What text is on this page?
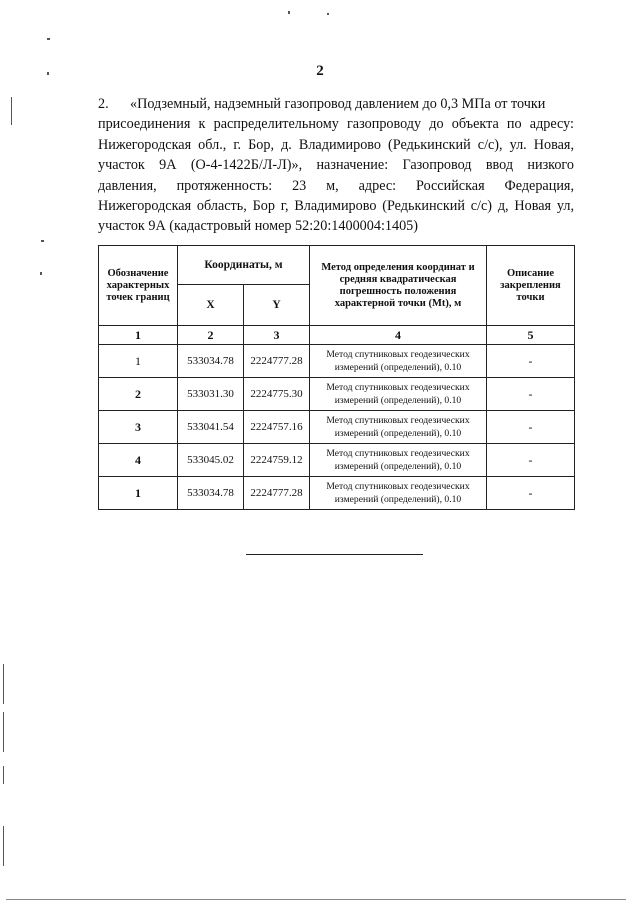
2
2. «Подземный, надземный газопровод давлением до 0,3 МПа от точки
присоединения к распределительному газопроводу до объекта по адресу:
Нижегородская обл., г. Бор, д. Владимирово (Редькинский с/с), ул. Новая,
участок 9А (О-4-1422Б/Л-Л)», назначение: Газопровод ввод низкого
давления, протяженность: 23 м, адрес: Российская Федерация,
Нижегородская область, Бор г, Владимирово (Редькинский с/с) д, Новая ул,
участок 9А (кадастровый номер 52:20:1400004:1405)
Обозначение характерных точек границ	Координаты, м		Метод определения координат и средняя квадратическая погрешность положения характерной точки (Mt), м	Описание закрепления точки
	X	Y		
1	2	3	4	5
1	533034.78	2224777.28	Метод спутниковых геодезических измерений (определений), 0.10	-
2	533031.30	2224775.30	Метод спутниковых геодезических измерений (определений), 0.10	-
3	533041.54	2224757.16	Метод спутниковых геодезических измерений (определений), 0.10	-
4	533045.02	2224759.12	Метод спутниковых геодезических измерений (определений), 0.10	-
1	533034.78	2224777.28	Метод спутниковых геодезических измерений (определений), 0.10	-
